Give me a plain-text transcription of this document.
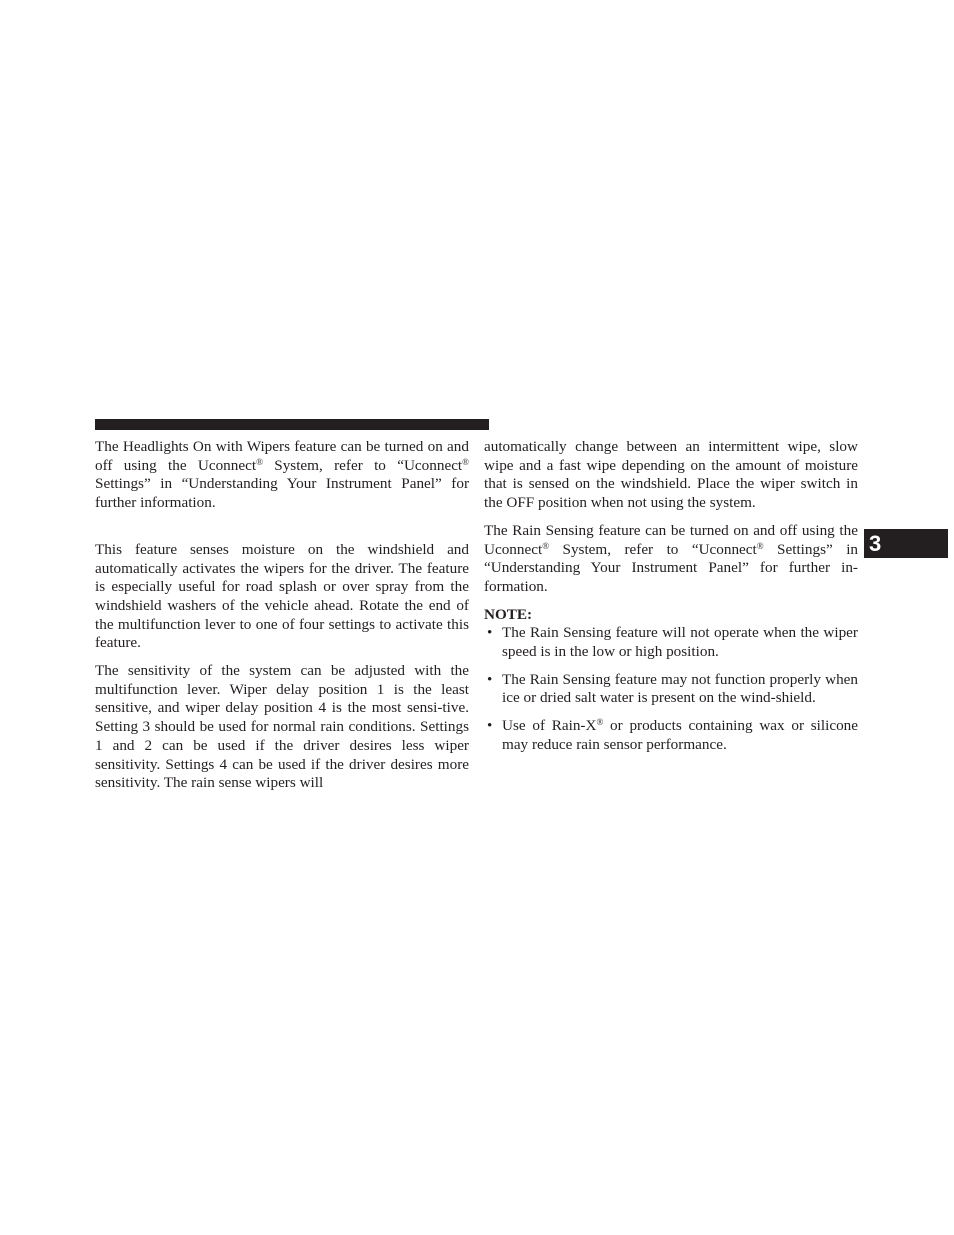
The Headlights On with Wipers feature can be turned on and off using the Uconnect® System, refer to “Uconnect® Settings” in “Understanding Your Instrument Panel” for further information.

This feature senses moisture on the windshield and automatically activates the wipers for the driver. The feature is especially useful for road splash or over spray from the windshield washers of the vehicle ahead. Rotate the end of the multifunction lever to one of four settings to activate this feature.

The sensitivity of the system can be adjusted with the multifunction lever. Wiper delay position 1 is the least sensitive, and wiper delay position 4 is the most sensi-tive. Setting 3 should be used for normal rain conditions. Settings 1 and 2 can be used if the driver desires less wiper sensitivity. Settings 4 can be used if the driver desires more sensitivity. The rain sense wipers will

automatically change between an intermittent wipe, slow wipe and a fast wipe depending on the amount of moisture that is sensed on the windshield. Place the wiper switch in the OFF position when not using the system.

The Rain Sensing feature can be turned on and off using the Uconnect® System, refer to “Uconnect® Settings” in “Understanding Your Instrument Panel” for further in-formation.

NOTE:

• The Rain Sensing feature will not operate when the wiper speed is in the low or high position.
• The Rain Sensing feature may not function properly when ice or dried salt water is present on the wind-shield.
• Use of Rain-X® or products containing wax or silicone may reduce rain sensor performance.
3
